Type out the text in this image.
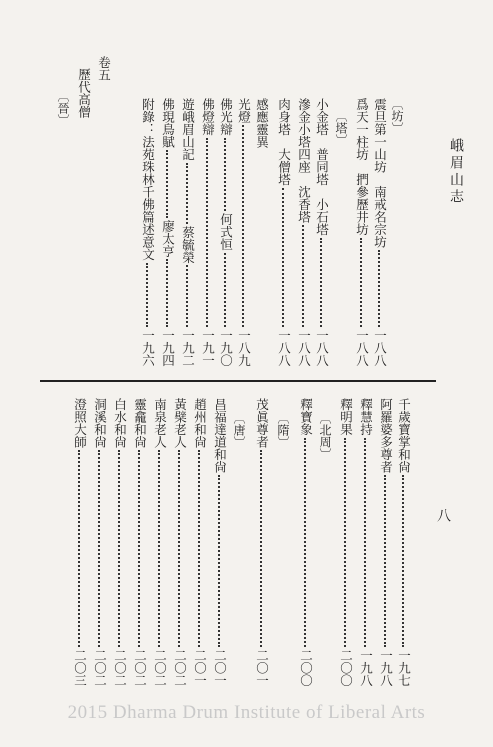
峨眉山志
八
〔坊〕
震旦第一山坊　南戒名宗坊
一八八
爲天一柱坊　捫參歷井坊
一八八
〔塔〕
小金塔　普同塔　小石塔
一八八
滲金小塔四座　沈香塔
一八八
肉身塔　大僧塔
一八八
感應靈異
光燈
一八九
佛光辯
何式恒
一九〇
佛燈辯
一九一
遊峨眉山記
蔡毓榮
一九二
佛現鳥賦
廖太亨
一九四
附錄：法苑珠林千佛篇述意文
一九六
卷五
歷代高僧
〔晉〕
千歲寶掌和尙
一九七
阿羅婆多尊者
一九八
釋慧持
一九八
釋明果
二〇〇
〔北周〕
釋寶象
二〇〇
〔隋〕
茂眞尊者
二〇一
〔唐〕
昌福達道和尙
二〇一
趙州和尙
二〇一
黃檗老人
二〇二
南泉老人
二〇二
靈龕和尙
二〇二
白水和尙
二〇二
洞溪和尙
二〇二
澄照大師
二〇三
2015 Dharma Drum Institute of Liberal Arts
